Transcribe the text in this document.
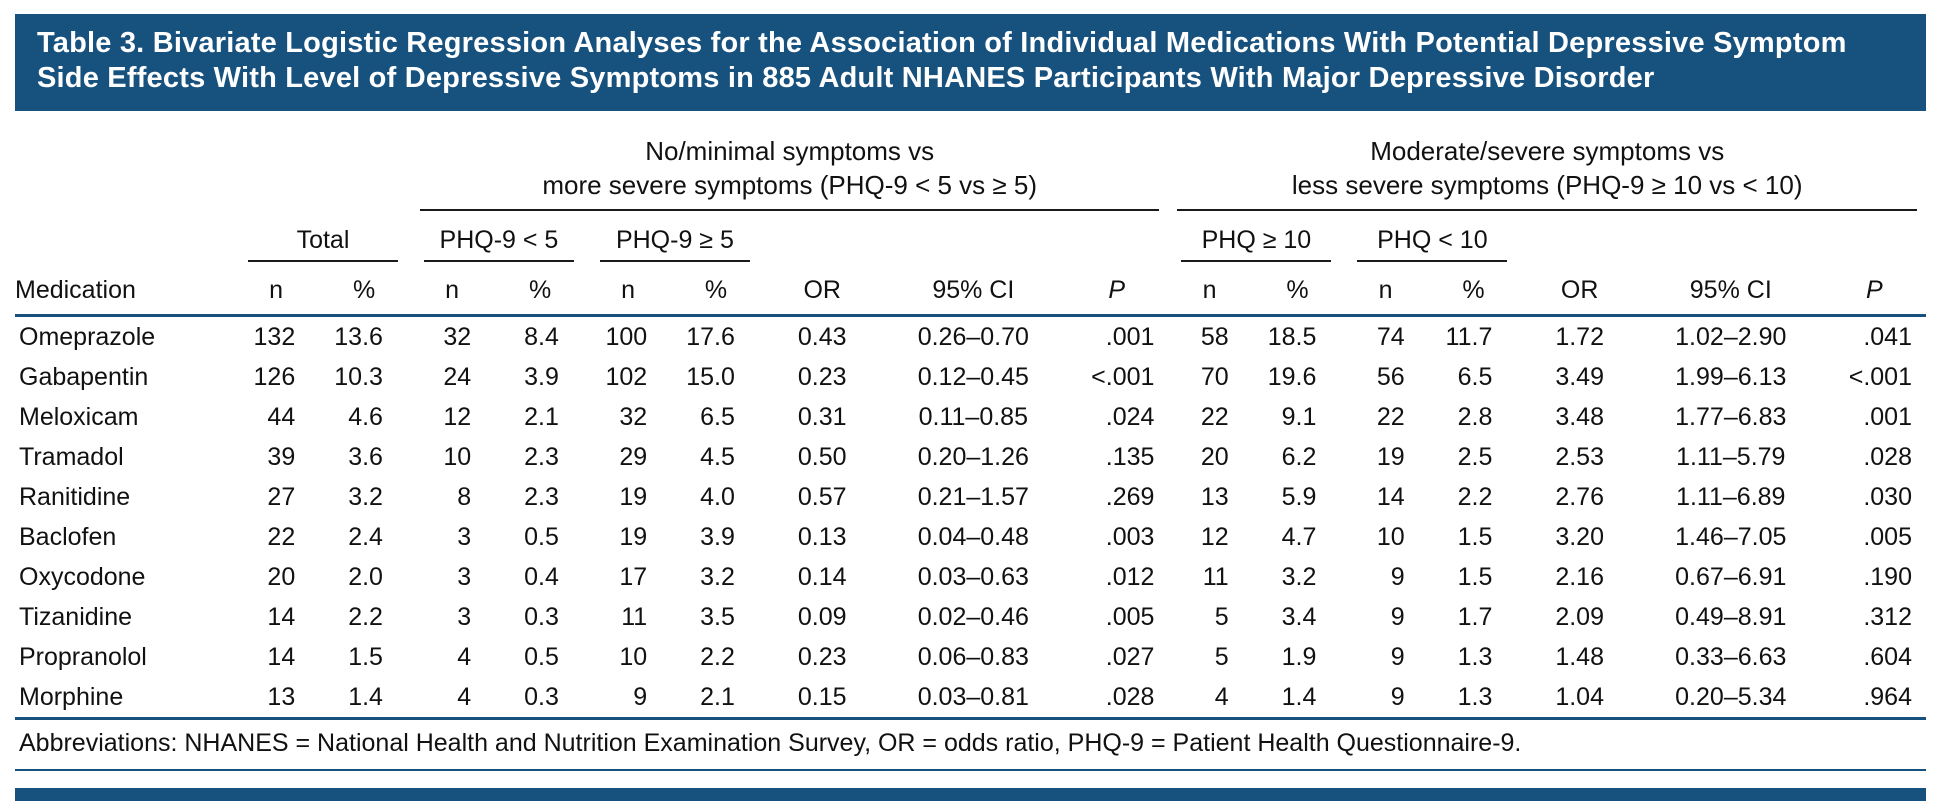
Table 3. Bivariate Logistic Regression Analyses for the Association of Individual Medications With Potential Depressive Symptom Side Effects With Level of Depressive Symptoms in 885 Adult NHANES Participants With Major Depressive Disorder

No/minimal symptoms vs
more severe symptoms (PHQ-9 < 5 vs ≥ 5)

Moderate/severe symptoms vs
less severe symptoms (PHQ-9 ≥ 10 vs < 10)

	Total		PHQ-9 < 5		PHQ-9 ≥ 5					PHQ ≥ 10		PHQ < 10				

Medication	n	%	n	%	n	%	OR	95% CI	P	n	%	n	%	OR	95% CI	P
Omeprazole	132	13.6	32	8.4	100	17.6	0.43	0.26–0.70	.001	58	18.5	74	11.7	1.72	1.02–2.90	.041
Gabapentin	126	10.3	24	3.9	102	15.0	0.23	0.12–0.45	<.001	70	19.6	56	6.5	3.49	1.99–6.13	<.001
Meloxicam	44	4.6	12	2.1	32	6.5	0.31	0.11–0.85	.024	22	9.1	22	2.8	3.48	1.77–6.83	.001
Tramadol	39	3.6	10	2.3	29	4.5	0.50	0.20–1.26	.135	20	6.2	19	2.5	2.53	1.11–5.79	.028
Ranitidine	27	3.2	8	2.3	19	4.0	0.57	0.21–1.57	.269	13	5.9	14	2.2	2.76	1.11–6.89	.030
Baclofen	22	2.4	3	0.5	19	3.9	0.13	0.04–0.48	.003	12	4.7	10	1.5	3.20	1.46–7.05	.005
Oxycodone	20	2.0	3	0.4	17	3.2	0.14	0.03–0.63	.012	11	3.2	9	1.5	2.16	0.67–6.91	.190
Tizanidine	14	2.2	3	0.3	11	3.5	0.09	0.02–0.46	.005	5	3.4	9	1.7	2.09	0.49–8.91	.312
Propranolol	14	1.5	4	0.5	10	2.2	0.23	0.06–0.83	.027	5	1.9	9	1.3	1.48	0.33–6.63	.604
Morphine	13	1.4	4	0.3	9	2.1	0.15	0.03–0.81	.028	4	1.4	9	1.3	1.04	0.20–5.34	.964
Abbreviations: NHANES = National Health and Nutrition Examination Survey, OR = odds ratio, PHQ-9 = Patient Health Questionnaire-9.
